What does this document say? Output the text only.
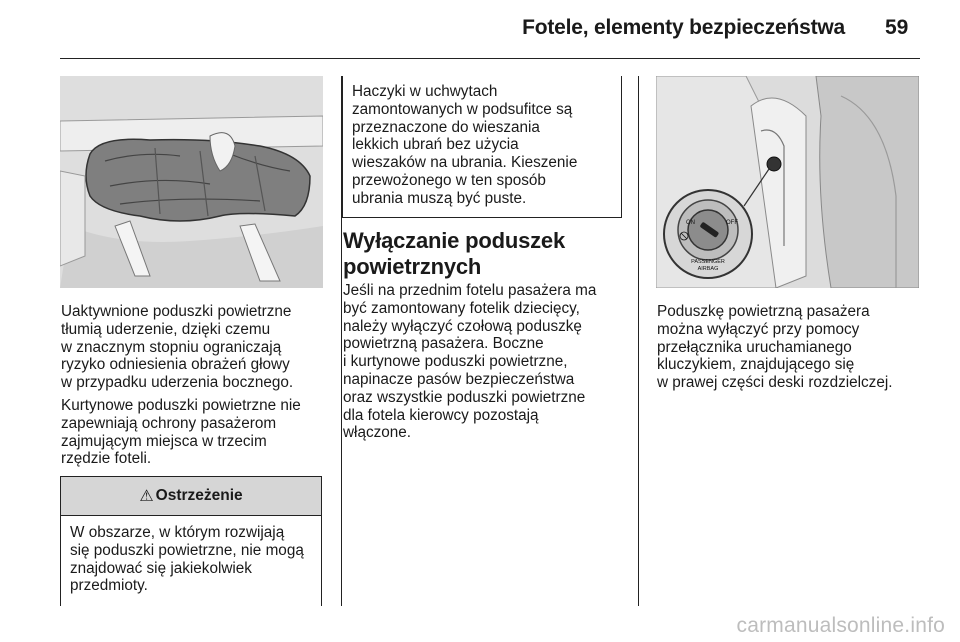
Fotele, elementy bezpieczeństwa 59

Uaktywnione poduszki powietrzne
tłumią uderzenie, dzięki czemu
w znacznym stopniu ograniczają
ryzyko odniesienia obrażeń głowy
w przypadku uderzenia bocznego.

Kurtynowe poduszki powietrzne nie
zapewniają ochrony pasażerom
zajmującym miejsca w trzecim
rzędzie foteli.

⚠ Ostrzeżenie

W obszarze, w którym rozwijają
się poduszki powietrzne, nie mogą
znajdować się jakiekolwiek
przedmioty.

Haczyki w uchwytach
zamontowanych w podsufitce są
przeznaczone do wieszania
lekkich ubrań bez użycia
wieszaków na ubrania. Kieszenie
przewożonego w ten sposób
ubrania muszą być puste.

Wyłączanie poduszek
powietrznych

Jeśli na przednim fotelu pasażera ma
być zamontowany fotelik dziecięcy,
należy wyłączyć czołową poduszkę
powietrzną pasażera. Boczne
i kurtynowe poduszki powietrzne,
napinacze pasów bezpieczeństwa
oraz wszystkie poduszki powietrzne
dla fotela kierowcy pozostają
włączone.

ON	OFF
PASSENGER
AIRBAG

Poduszkę powietrzną pasażera
można wyłączyć przy pomocy
przełącznika uruchamianego
kluczykiem, znajdującego się
w prawej części deski rozdzielczej.

carmanualsonline.info
